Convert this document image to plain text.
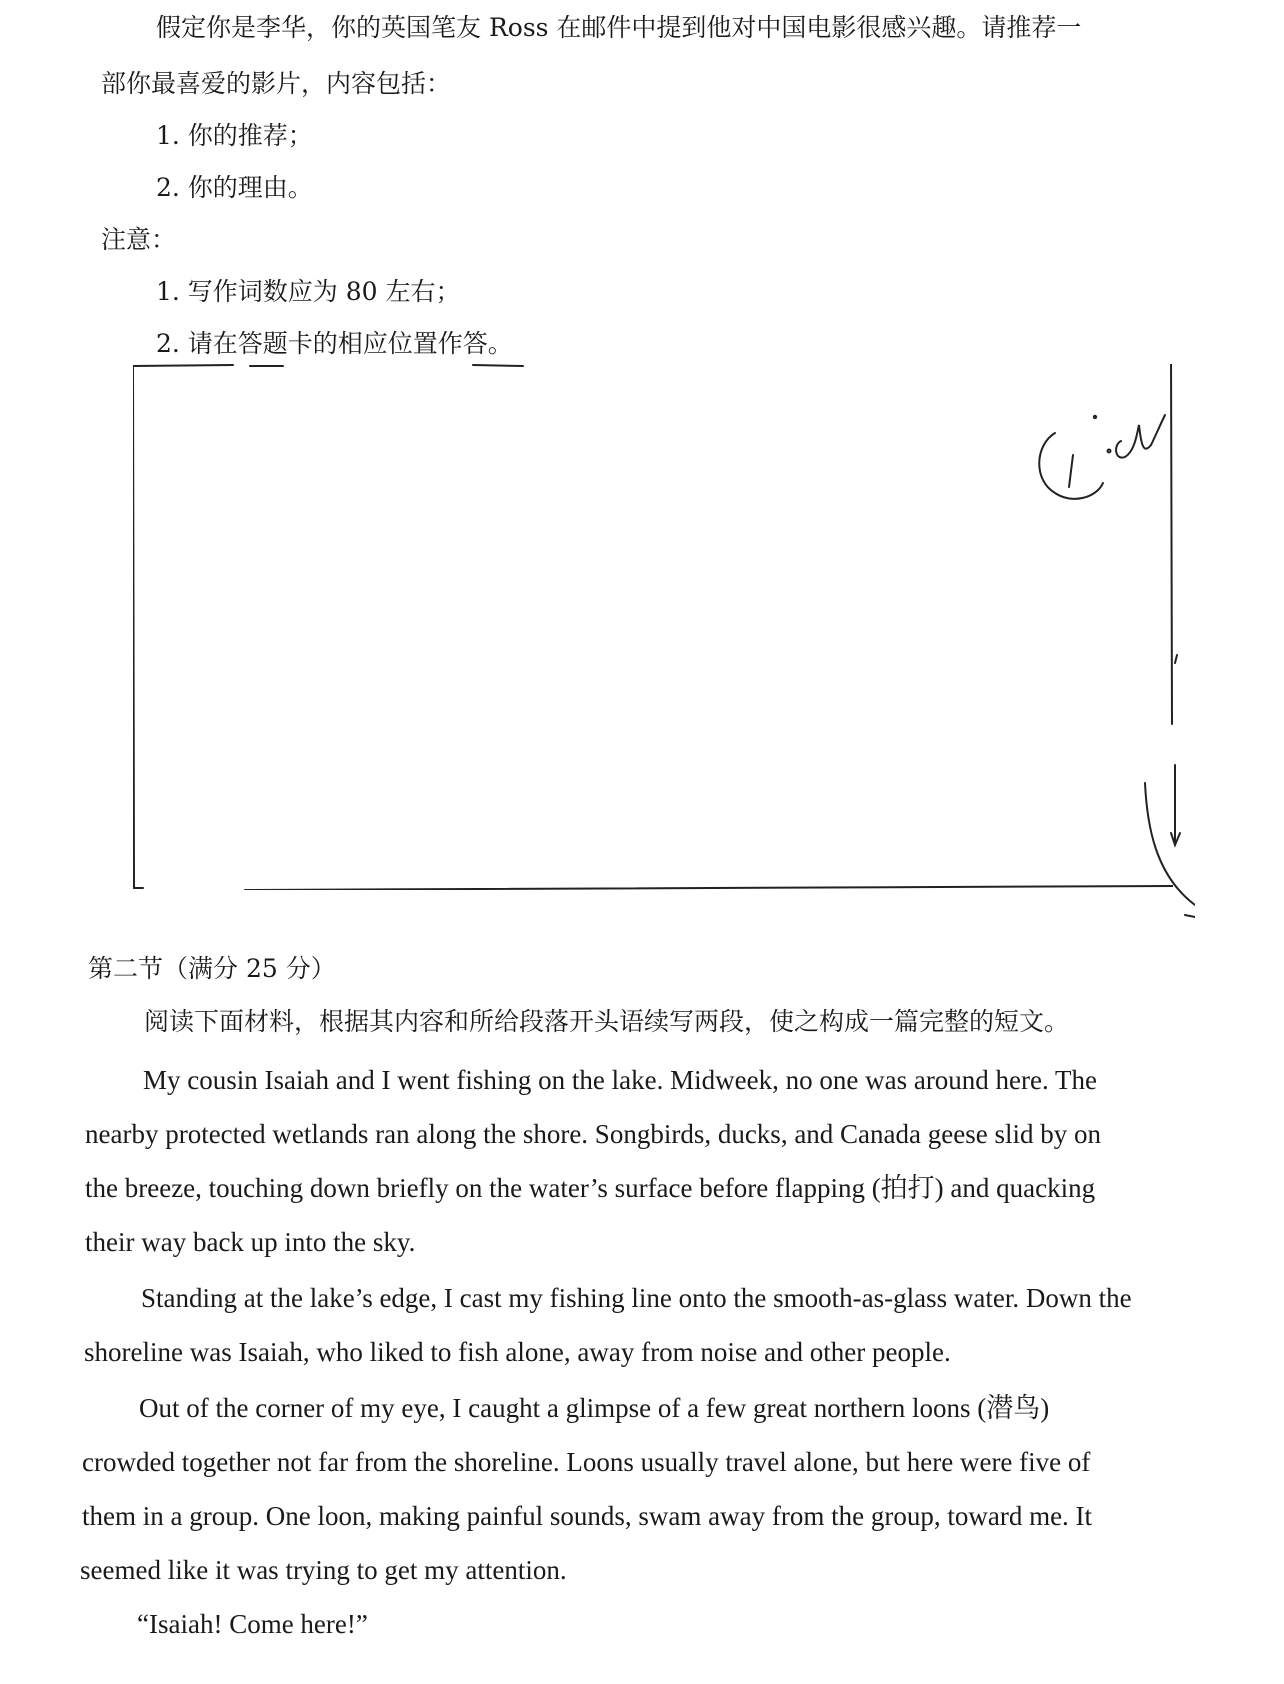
假定你是李华，你的英国笔友 Ross 在邮件中提到他对中国电影很感兴趣。请推荐一
部你最喜爱的影片，内容包括：
1. 你的推荐；
2. 你的理由。
注意：
1. 写作词数应为 80 左右；
2. 请在答题卡的相应位置作答。
第二节（满分 25 分）
阅读下面材料，根据其内容和所给段落开头语续写两段，使之构成一篇完整的短文。
My cousin Isaiah and I went fishing on the lake. Midweek, no one was around here. The
nearby protected wetlands ran along the shore. Songbirds, ducks, and Canada geese slid by on
the breeze, touching down briefly on the water’s surface before flapping (拍打) and quacking
their way back up into the sky.
Standing at the lake’s edge, I cast my fishing line onto the smooth-as-glass water. Down the
shoreline was Isaiah, who liked to fish alone, away from noise and other people.
Out of the corner of my eye, I caught a glimpse of a few great northern loons (潜鸟)
crowded together not far from the shoreline. Loons usually travel alone, but here were five of
them in a group. One loon, making painful sounds, swam away from the group, toward me. It
seemed like it was trying to get my attention.
“Isaiah! Come here!”
